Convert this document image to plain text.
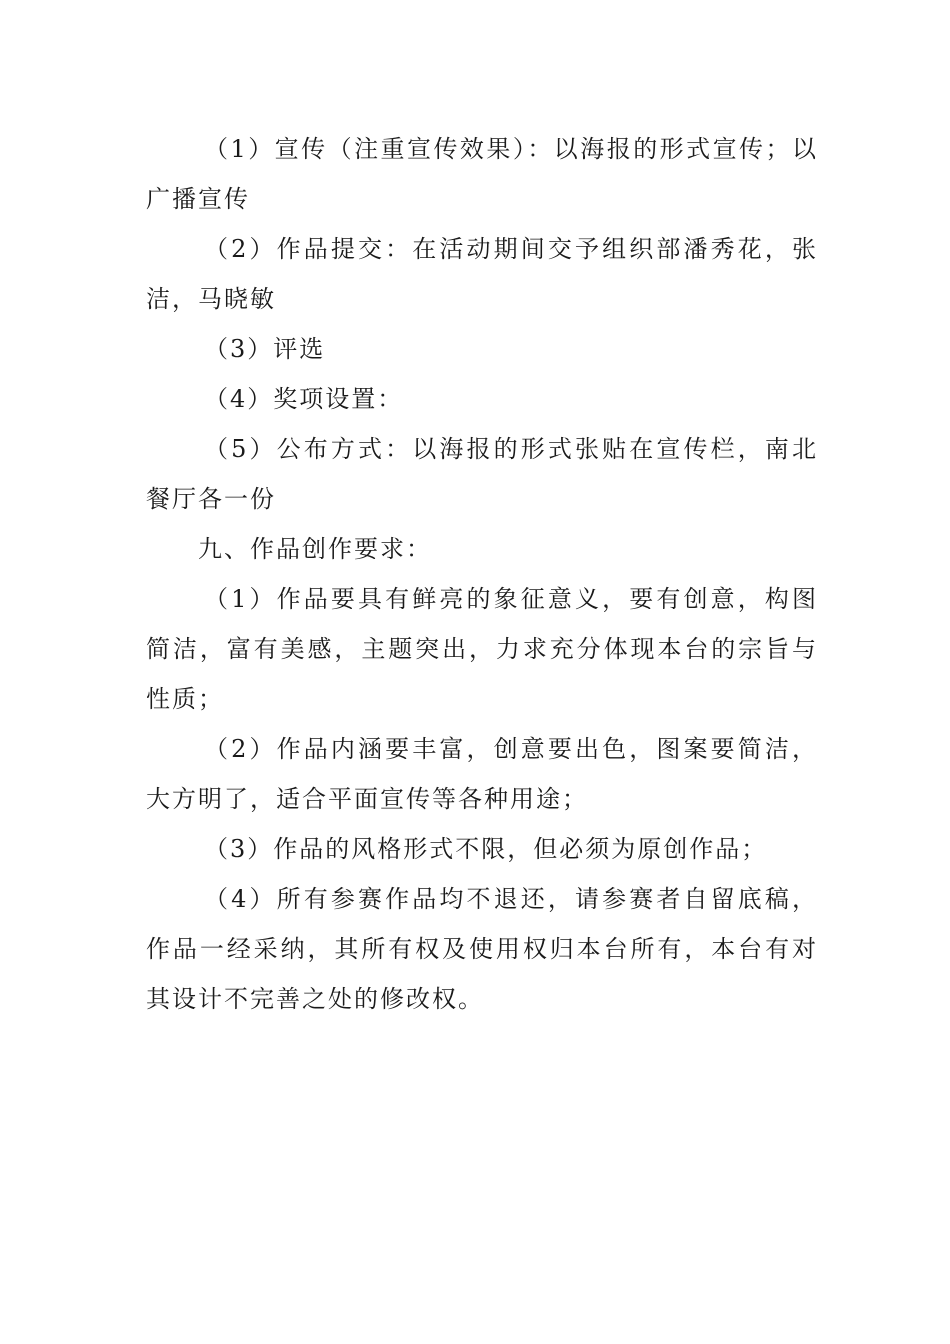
（1）宣传（注重宣传效果）：以海报的形式宣传；以广播宣传

（2）作品提交：在活动期间交予组织部潘秀花，张洁，马晓敏

（3）评选

（4）奖项设置：

（5）公布方式：以海报的形式张贴在宣传栏，南北餐厅各一份

九、作品创作要求：

（1）作品要具有鲜亮的象征意义，要有创意，构图简洁，富有美感，主题突出，力求充分体现本台的宗旨与性质；

（2）作品内涵要丰富，创意要出色，图案要简洁，大方明了，适合平面宣传等各种用途；

（3）作品的风格形式不限，但必须为原创作品；

（4）所有参赛作品均不退还，请参赛者自留底稿，作品一经采纳，其所有权及使用权归本台所有，本台有对其设计不完善之处的修改权。
